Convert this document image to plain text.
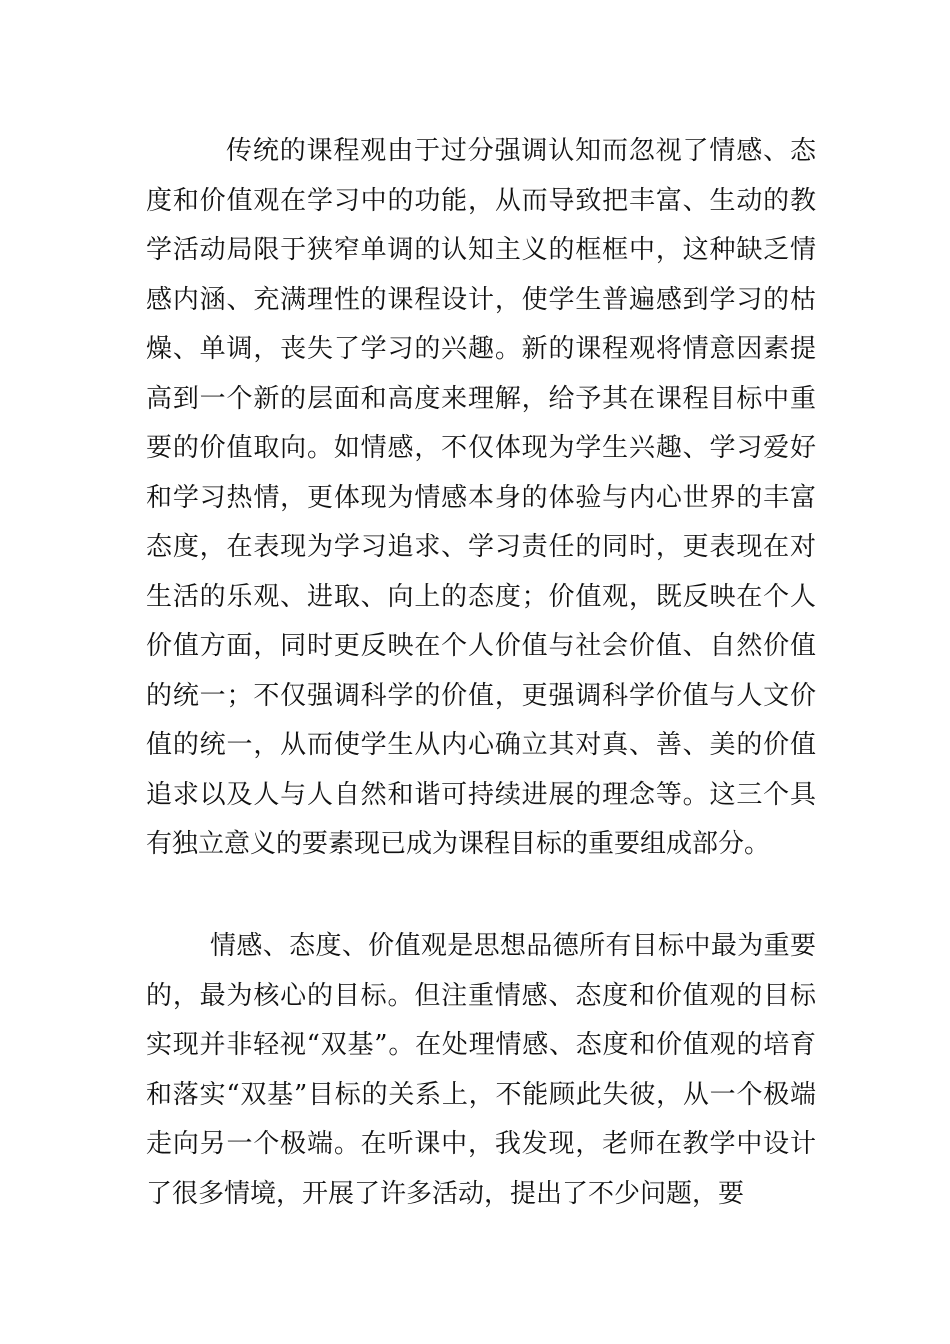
传统的课程观由于过分强调认知而忽视了情感、态度和价值观在学习中的功能，从而导致把丰富、生动的教学活动局限于狭窄单调的认知主义的框框中，这种缺乏情感内涵、充满理性的课程设计，使学生普遍感到学习的枯燥、单调，丧失了学习的兴趣。新的课程观将情意因素提高到一个新的层面和高度来理解，给予其在课程目标中重要的价值取向。如情感，不仅体现为学生兴趣、学习爱好和学习热情，更体现为情感本身的体验与内心世界的丰富态度，在表现为学习追求、学习责任的同时，更表现在对生活的乐观、进取、向上的态度；价值观，既反映在个人价值方面，同时更反映在个人价值与社会价值、自然价值的统一；不仅强调科学的价值，更强调科学价值与人文价值的统一，从而使学生从内心确立其对真、善、美的价值追求以及人与人自然和谐可持续进展的理念等。这三个具有独立意义的要素现已成为课程目标的重要组成部分。

情感、态度、价值观是思想品德所有目标中最为重要的，最为核心的目标。但注重情感、态度和价值观的目标实现并非轻视“双基”。在处理情感、态度和价值观的培育和落实“双基”目标的关系上，不能顾此失彼，从一个极端走向另一个极端。在听课中，我发现，老师在教学中设计了很多情境，开展了许多活动，提出了不少问题，要
